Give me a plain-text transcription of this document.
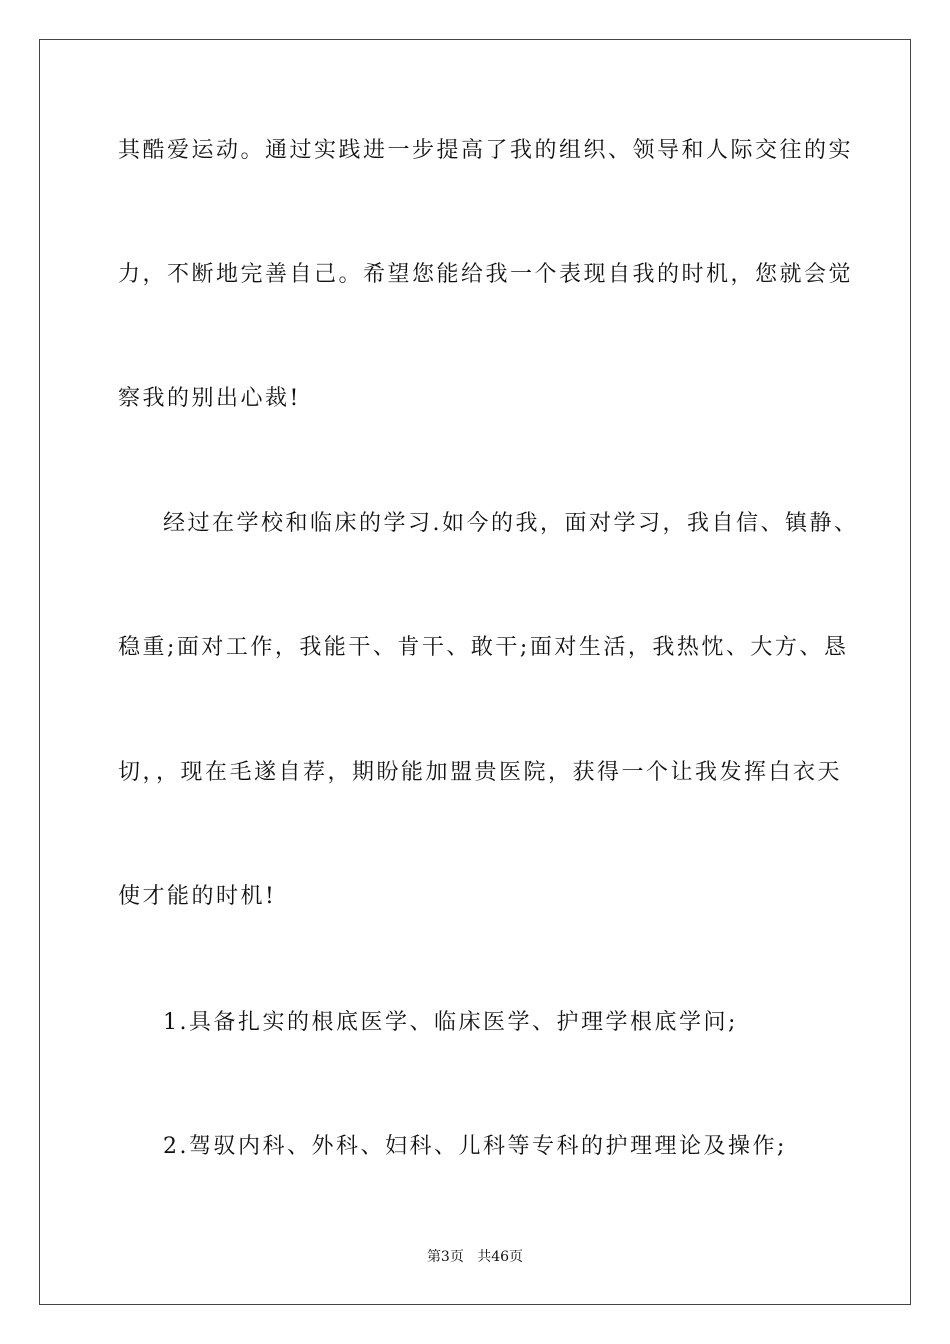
其酷爱运动。通过实践进一步提高了我的组织、领导和人际交往的实
力，不断地完善自己。希望您能给我一个表现自我的时机，您就会觉
察我的别出心裁!
经过在学校和临床的学习.如今的我，面对学习，我自信、镇静、
稳重;面对工作，我能干、肯干、敢干;面对生活，我热忱、大方、恳
切，，现在毛遂自荐，期盼能加盟贵医院，获得一个让我发挥白衣天
使才能的时机!
1.具备扎实的根底医学、临床医学、护理学根底学问;
2.驾驭内科、外科、妇科、儿科等专科的护理理论及操作;
第3页 共46页
